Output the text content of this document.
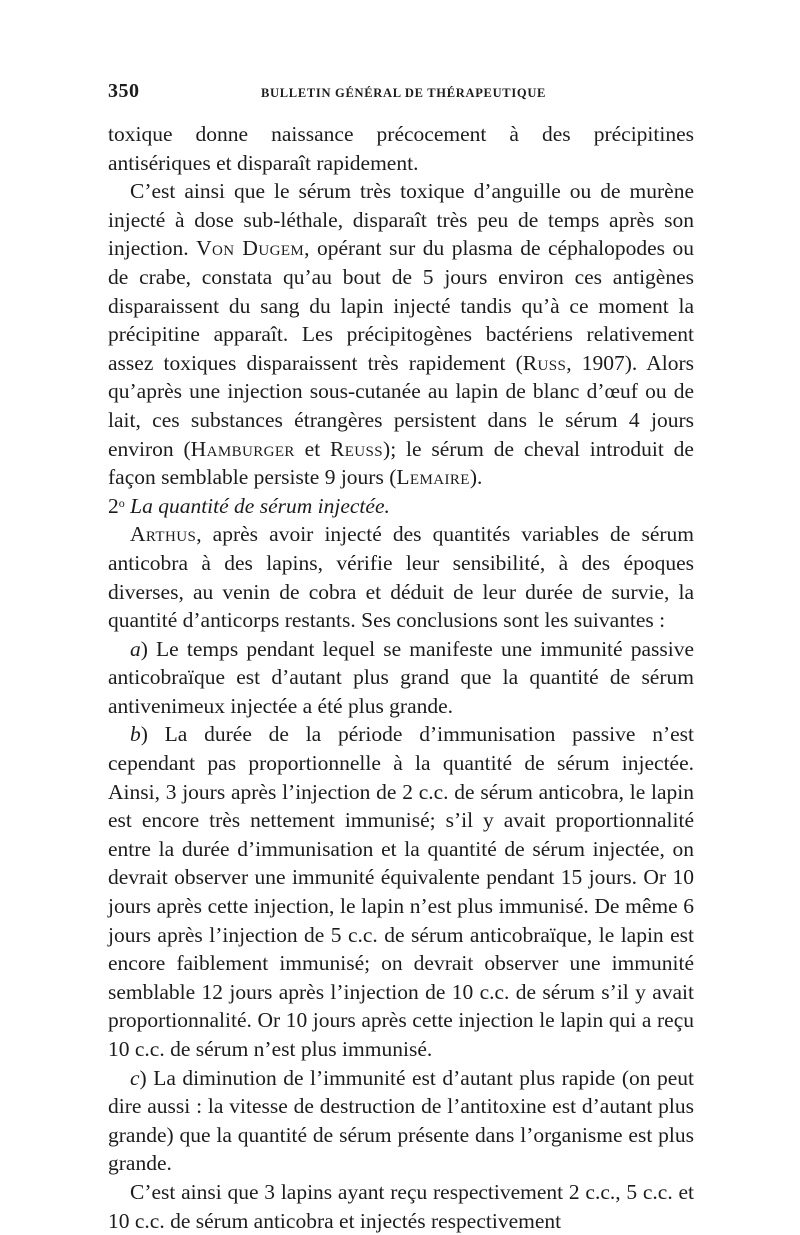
350	BULLETIN GÉNÉRAL DE THÉRAPEUTIQUE

toxique donne naissance précocement à des précipitines antisériques et disparaît rapidement.

C’est ainsi que le sérum très toxique d’anguille ou de murène injecté à dose sub-léthale, disparaît très peu de temps après son injection. Von Dugem, opérant sur du plasma de céphalopodes ou de crabe, constata qu’au bout de 5 jours environ ces antigènes disparaissent du sang du lapin injecté tandis qu’à ce moment la précipitine apparaît. Les précipitogènes bactériens relativement assez toxiques disparaissent très rapidement (Russ, 1907). Alors qu’après une injection sous-cutanée au lapin de blanc d’œuf ou de lait, ces substances étrangères persistent dans le sérum 4 jours environ (Hamburger et Reuss); le sérum de cheval introduit de façon semblable persiste 9 jours (Lemaire).

2$^o$ La quantité de sérum injectée.

Arthus, après avoir injecté des quantités variables de sérum anticobra à des lapins, vérifie leur sensibilité, à des époques diverses, au venin de cobra et déduit de leur durée de survie, la quantité d’anticorps restants. Ses conclusions sont les suivantes :

a) Le temps pendant lequel se manifeste une immunité passive anticobraïque est d’autant plus grand que la quantité de sérum antivenimeux injectée a été plus grande.

b) La durée de la période d’immunisation passive n’est cependant pas proportionnelle à la quantité de sérum injectée. Ainsi, 3 jours après l’injection de 2 c.c. de sérum anticobra, le lapin est encore très nettement immunisé; s’il y avait proportionnalité entre la durée d’immunisation et la quantité de sérum injectée, on devrait observer une immunité équivalente pendant 15 jours. Or 10 jours après cette injection, le lapin n’est plus immunisé. De même 6 jours après l’injection de 5 c.c. de sérum anticobraïque, le lapin est encore faiblement immunisé; on devrait observer une immunité semblable 12 jours après l’injection de 10 c.c. de sérum s’il y avait proportionnalité. Or 10 jours après cette injection le lapin qui a reçu 10 c.c. de sérum n’est plus immunisé.

c) La diminution de l’immunité est d’autant plus rapide (on peut dire aussi : la vitesse de destruction de l’antitoxine est d’autant plus grande) que la quantité de sérum présente dans l’organisme est plus grande.

C’est ainsi que 3 lapins ayant reçu respectivement 2 c.c., 5 c.c. et 10 c.c. de sérum anticobra et injectés respectivement
